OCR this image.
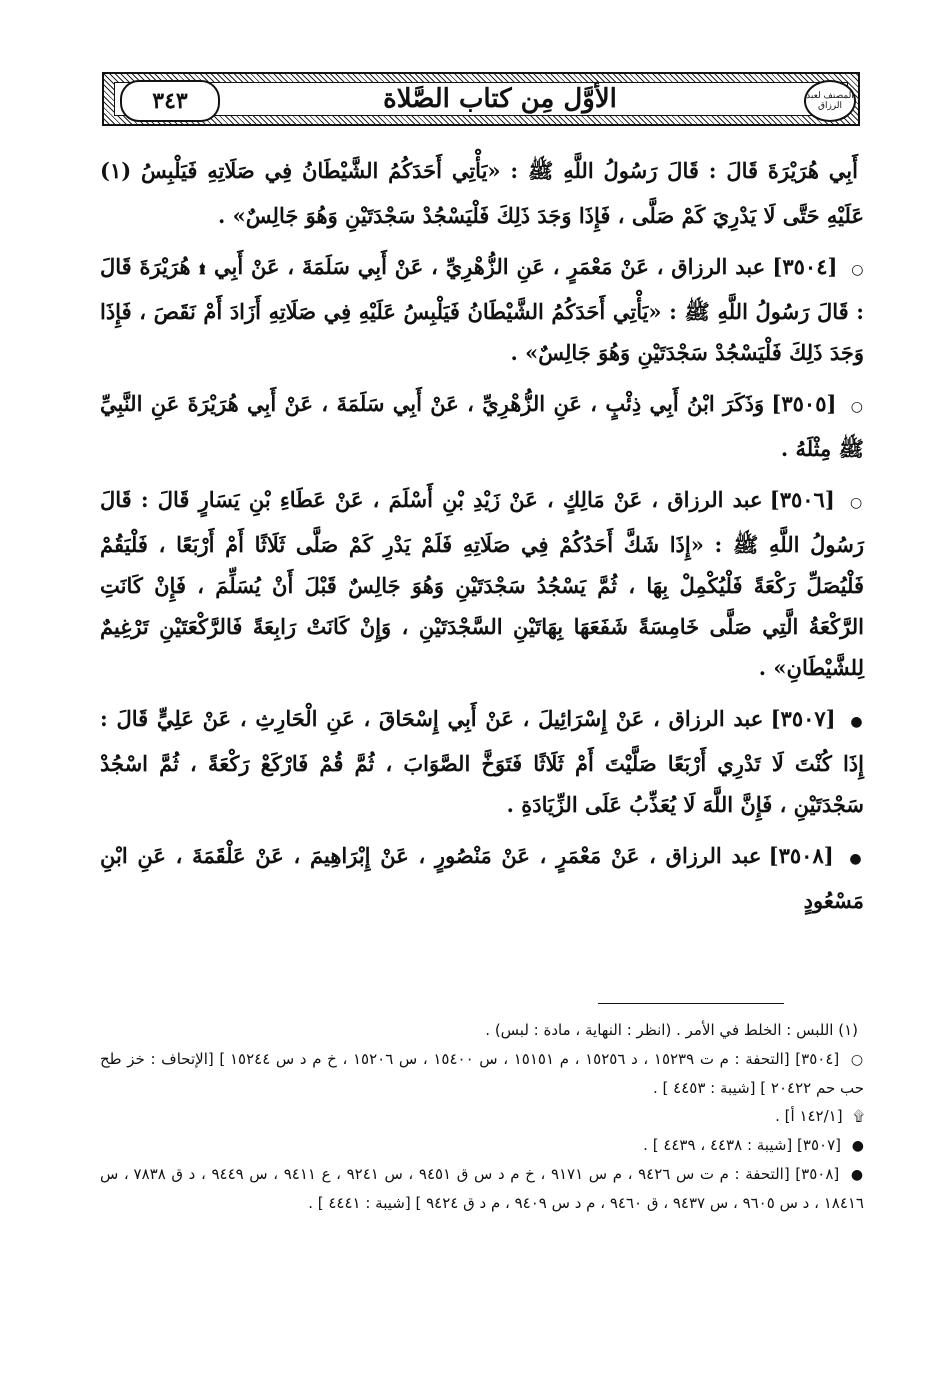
٣٤٣	الأوَّل مِن كتاب الصَّلاة	المصنف لعبد الرزاق

أَبِي هُرَيْرَةَ قَالَ : قَالَ رَسُولُ اللَّهِ ﷺ : «يَأْتِي أَحَدَكُمُ الشَّيْطَانُ فِي صَلَاتِهِ فَيَلْبِسُ (١) عَلَيْهِ حَتَّى لَا يَدْرِيَ كَمْ صَلَّى ، فَإِذَا وَجَدَ ذَلِكَ فَلْيَسْجُدْ سَجْدَتَيْنِ وَهُوَ جَالِسٌ» .

○ [٣٥٠٤] عبد الرزاق ، عَنْ مَعْمَرٍ ، عَنِ الزُّهْرِيِّ ، عَنْ أَبِي سَلَمَةَ ، عَنْ أَبِي ۩ هُرَيْرَةَ قَالَ : قَالَ رَسُولُ اللَّهِ ﷺ : «يَأْتِي أَحَدَكُمُ الشَّيْطَانُ فَيَلْبِسُ عَلَيْهِ فِي صَلَاتِهِ أَزَادَ أَمْ نَقَصَ ، فَإِذَا وَجَدَ ذَلِكَ فَلْيَسْجُدْ سَجْدَتَيْنِ وَهُوَ جَالِسٌ» .

○ [٣٥٠٥] وَذَكَرَ ابْنُ أَبِي ذِئْبٍ ، عَنِ الزُّهْرِيِّ ، عَنْ أَبِي سَلَمَةَ ، عَنْ أَبِي هُرَيْرَةَ عَنِ النَّبِيِّ ﷺ مِثْلَهُ .

○ [٣٥٠٦] عبد الرزاق ، عَنْ مَالِكٍ ، عَنْ زَيْدِ بْنِ أَسْلَمَ ، عَنْ عَطَاءِ بْنِ يَسَارٍ قَالَ : قَالَ رَسُولُ اللَّهِ ﷺ : «إِذَا شَكَّ أَحَدُكُمْ فِي صَلَاتِهِ فَلَمْ يَدْرِ كَمْ صَلَّى ثَلَاثًا أَمْ أَرْبَعًا ، فَلْيَقُمْ فَلْيُصَلِّ رَكْعَةً فَلْيُكْمِلْ بِهَا ، ثُمَّ يَسْجُدُ سَجْدَتَيْنِ وَهُوَ جَالِسٌ قَبْلَ أَنْ يُسَلِّمَ ، فَإِنْ كَانَتِ الرَّكْعَةُ الَّتِي صَلَّى خَامِسَةً شَفَعَهَا بِهَاتَيْنِ السَّجْدَتَيْنِ ، وَإِنْ كَانَتْ رَابِعَةً فَالرَّكْعَتَيْنِ تَرْغِيمٌ لِلشَّيْطَانِ» .

● [٣٥٠٧] عبد الرزاق ، عَنْ إِسْرَائِيلَ ، عَنْ أَبِي إِسْحَاقَ ، عَنِ الْحَارِثِ ، عَنْ عَلِيٍّ قَالَ : إِذَا كُنْتَ لَا تَدْرِي أَرْبَعًا صَلَّيْتَ أَمْ ثَلَاثًا فَتَوَخَّ الصَّوَابَ ، ثُمَّ قُمْ فَارْكَعْ رَكْعَةً ، ثُمَّ اسْجُدْ سَجْدَتَيْنِ ، فَإِنَّ اللَّهَ لَا يُعَذِّبُ عَلَى الزِّيَادَةِ .

● [٣٥٠٨] عبد الرزاق ، عَنْ مَعْمَرٍ ، عَنْ مَنْصُورٍ ، عَنْ إِبْرَاهِيمَ ، عَنْ عَلْقَمَةَ ، عَنِ ابْنِ مَسْعُودٍ

(١) اللبس : الخلط في الأمر . (انظر : النهاية ، مادة : لبس) .

○ [٣٥٠٤] [التحفة : م ت ١٥٢٣٩ ، د ١٥٢٥٦ ، م ١٥١٥١ ، س ١٥٤٠٠ ، س ١٥٢٠٦ ، خ م د س ١٥٢٤٤ ] [الإتحاف : خز طح حب حم ٢٠٤٢٢ ] [شيبة : ٤٤٥٣ ] .

۩ [١٤٢/١ أ] .

● [٣٥٠٧] [شيبة : ٤٤٣٨ ، ٤٤٣٩ ] .

● [٣٥٠٨] [التحفة : م ت س ٩٤٢٦ ، م س ٩١٧١ ، خ م د س ق ٩٤٥١ ، س ٩٢٤١ ، ع ٩٤١١ ، س ٩٤٤٩ ، د ق ٧٨٣٨ ، س ١٨٤١٦ ، د س ٩٦٠٥ ، س ٩٤٣٧ ، ق ٩٤٦٠ ، م د س ٩٤٠٩ ، م د ق ٩٤٢٤ ] [شيبة : ٤٤٤١ ] .
